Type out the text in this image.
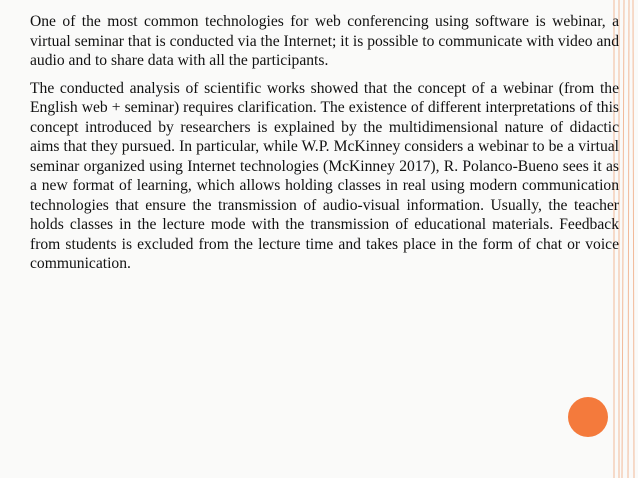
One of the most common technologies for web conferencing using software is webinar, a virtual seminar that is conducted via the Internet; it is possible to communicate with video and audio and to share data with all the participants.

The conducted analysis of scientific works showed that the concept of a webinar (from the English web + seminar) requires clarification. The existence of different interpretations of this concept introduced by researchers is explained by the multidimensional nature of didactic aims that they pursued. In particular, while W.P. McKinney considers a webinar to be a virtual seminar organized using Internet technologies (McKinney 2017), R. Polanco-Bueno sees it as a new format of learning, which allows holding classes in real using modern communication technologies that ensure the transmission of audio-visual information. Usually, the teacher holds classes in the lecture mode with the transmission of educational materials. Feedback from students is excluded from the lecture time and takes place in the form of chat or voice communication.
